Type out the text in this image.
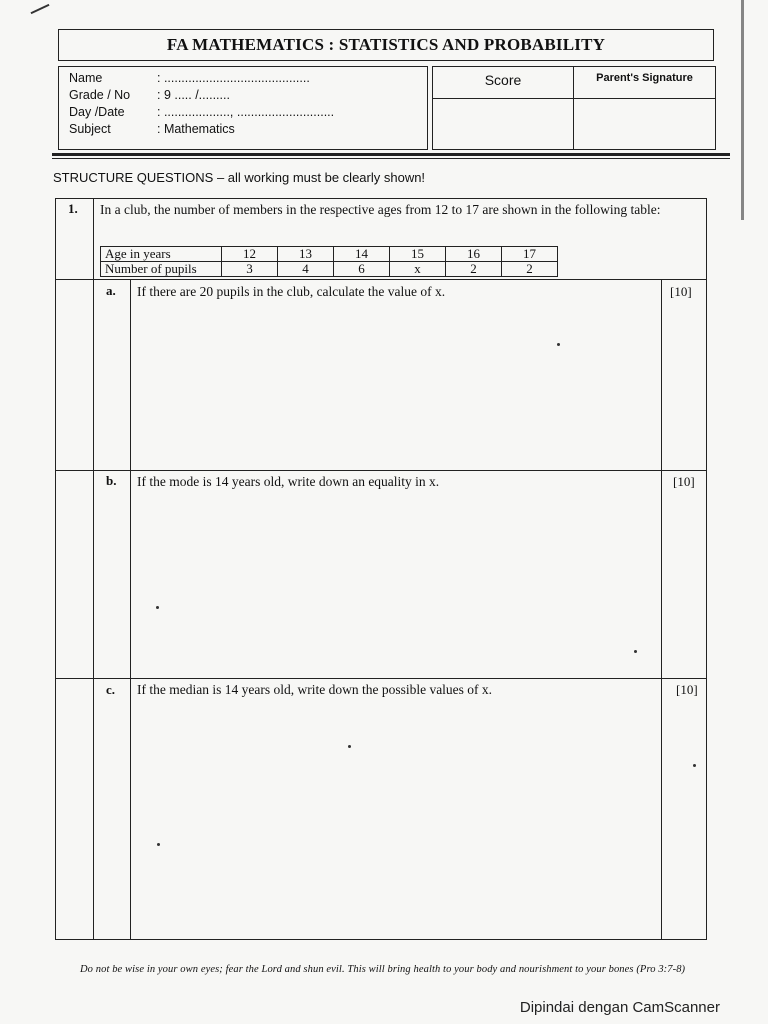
FA MATHEMATICS : STATISTICS AND PROBABILITY
Name	: ..........................................
Grade / No : 9 ..... /.........
Day /Date	: ..................., ............................
Subject	: Mathematics
Score	Parent's Signature
STRUCTURE QUESTIONS – all working must be clearly shown!
1. In a club, the number of members in the respective ages from 12 to 17 are shown in the following table:
Age in years	12	13	14	15	16	17
Number of pupils	3	4	6	x	2	2
a. If there are 20 pupils in the club, calculate the value of x.	[10]
b. If the mode is 14 years old, write down an equality in x.	[10]
c. If the median is 14 years old, write down the possible values of x.	[10]
Do not be wise in your own eyes; fear the Lord and shun evil. This will bring health to your body and nourishment to your bones (Pro 3:7-8)
Dipindai dengan CamScanner
